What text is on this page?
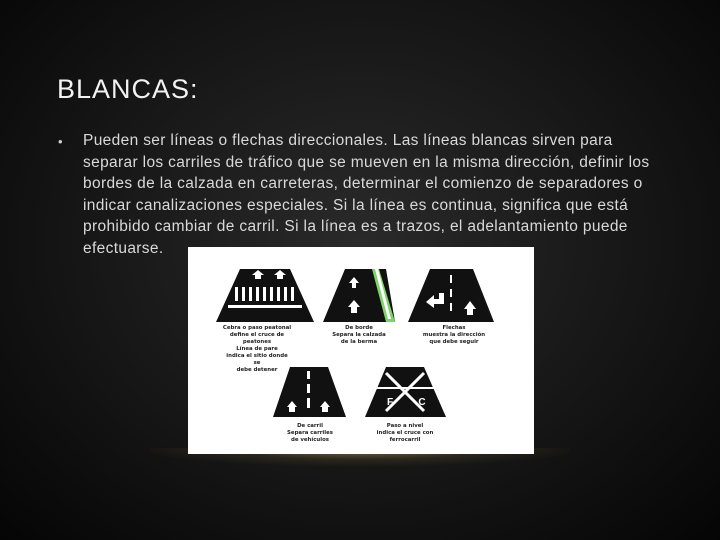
BLANCAS:
• Pueden ser líneas o flechas direccionales. Las líneas blancas sirven para separar los carriles de tráfico que se mueven en la misma dirección, definir los bordes de la calzada en carreteras, determinar el comienzo de separadores o indicar canalizaciones especiales. Si la línea es continua, significa que está prohibido cambiar de carril. Si la línea es a trazos, el adelantamiento puede efectuarse.
F	C
Cebra o paso peatonal
define el cruce de peatones
Línea de pare
indica el sitio donde se
debe detener
De borde
Separa la calzada
de la berma
Flechas
muestra la dirección
que debe seguir
De carril
Separa carriles
de vehículos
Paso a nivel
indica el cruce con
ferrocarril
